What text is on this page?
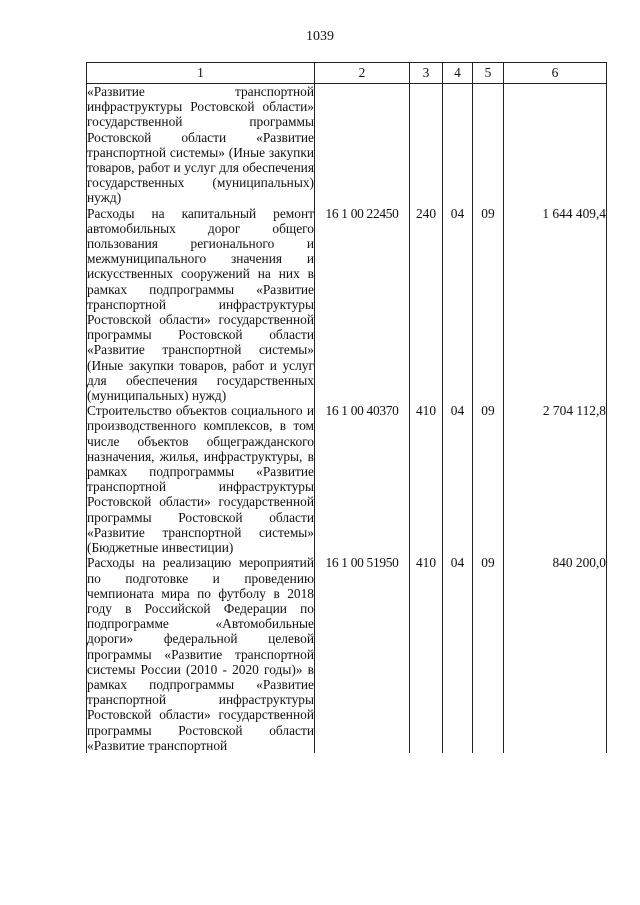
1039
1	2	3	4	5	6
«Развитие транспортной инфраструктуры Ростовской области» государственной программы Ростовской области «Развитие транспортной системы» (Иные закупки товаров, работ и услуг для обеспечения государственных (муниципальных) нужд)					
Расходы на капитальный ремонт автомобильных дорог общего пользования регионального и межмуниципального значения и искусственных сооружений на них в рамках подпрограммы «Развитие транспортной инфраструктуры Ростовской области» государственной программы Ростовской области «Развитие транспортной системы» (Иные закупки товаров, работ и услуг для обеспечения государственных (муниципальных) нужд)	16 1 00 22450	240	04	09	1 644 409,4
Строительство объектов социального и производственного комплексов, в том числе объектов общегражданского назначения, жилья, инфраструктуры, в рамках подпрограммы «Развитие транспортной инфраструктуры Ростовской области» государственной программы Ростовской области «Развитие транспортной системы» (Бюджетные инвестиции)	16 1 00 40370	410	04	09	2 704 112,8
Расходы на реализацию мероприятий по подготовке и проведению чемпионата мира по футболу в 2018 году в Российской Федерации по подпрограмме «Автомобильные дороги» федеральной целевой программы «Развитие транспортной системы России (2010 - 2020 годы)» в рамках подпрограммы «Развитие транспортной инфраструктуры Ростовской области» государственной программы Ростовской области «Развитие транспортной	16 1 00 51950	410	04	09	840 200,0
